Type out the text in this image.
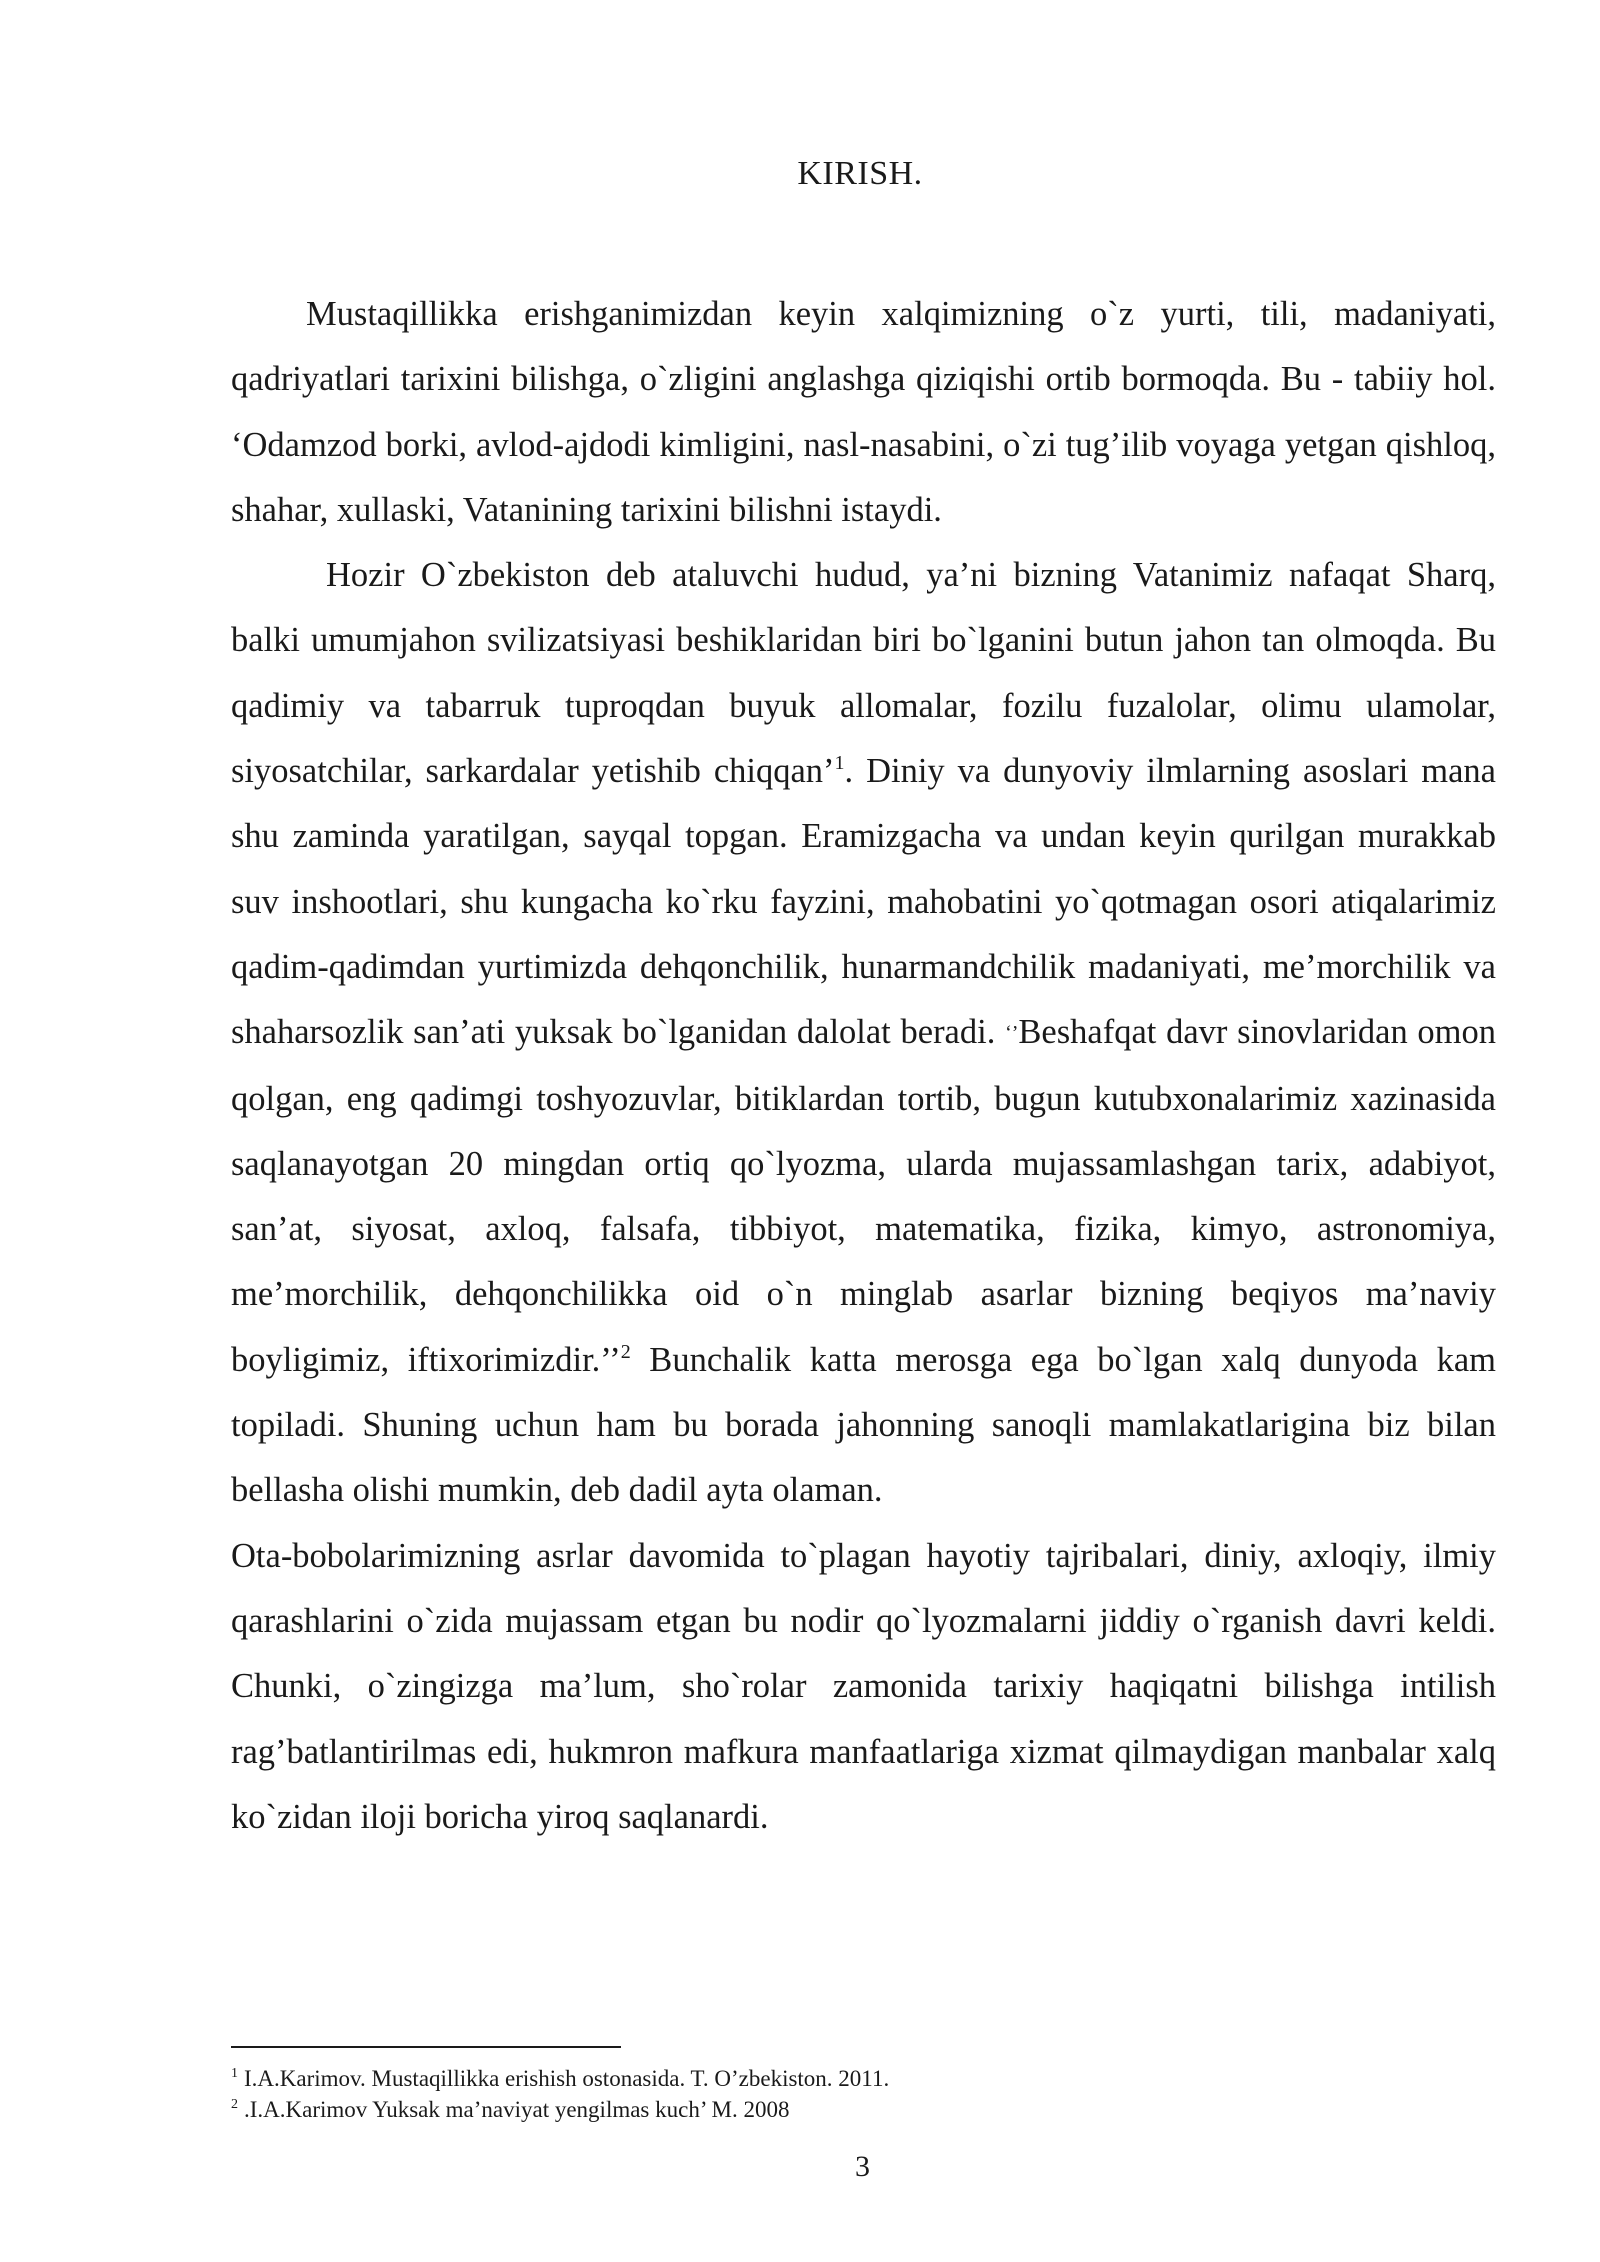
KIRISH.

Mustaqillikka erishganimizdan keyin xalqimizning o`z yurti, tili, madaniyati, qadriyatlari tarixini bilishga, o`zligini anglashga qiziqishi ortib bormoqda. Bu - tabiiy hol. ‘Odamzod borki, avlod-ajdodi kimligini, nasl-nasabini, o`zi tug’ilib voyaga yetgan qishloq, shahar, xullaski, Vatanining tarixini bilishni istaydi.

Hozir O`zbekiston deb ataluvchi hudud, ya’ni bizning Vatanimiz nafaqat Sharq, balki umumjahon svilizatsiyasi beshiklaridan biri bo`lganini butun jahon tan olmoqda. Bu qadimiy va tabarruk tuproqdan buyuk allomalar, fozilu fuzalolar, olimu ulamolar, siyosatchilar, sarkardalar yetishib chiqqan’$^1$. Diniy va dunyoviy ilmlarning asoslari mana shu zaminda yaratilgan, sayqal topgan. Eramizgacha va undan keyin qurilgan murakkab suv inshootlari, shu kungacha ko`rku fayzini, mahobatini yo`qotmagan osori atiqalarimiz qadim-qadimdan yurtimizda dehqonchilik, hunarmandchilik madaniyati, me’morchilik va shaharsozlik san’ati yuksak bo`lganidan dalolat beradi. ‘’Beshafqat davr sinovlaridan omon qolgan, eng qadimgi toshyozuvlar, bitiklardan tortib, bugun kutubxonalarimiz xazinasida saqlanayotgan 20 mingdan ortiq qo`lyozma, ularda mujassamlashgan tarix, adabiyot, san’at, siyosat, axloq, falsafa, tibbiyot, matematika, fizika, kimyo, astronomiya, me’morchilik, dehqonchilikka oid o`n minglab asarlar bizning beqiyos ma’naviy boyligimiz, iftixorimizdir.’’$^2$ Bunchalik katta merosga ega bo`lgan xalq dunyoda kam topiladi. Shuning uchun ham bu borada jahonning sanoqli mamlakatlarigina biz bilan bellasha olishi mumkin, deb dadil ayta olaman.

Ota-bobolarimizning asrlar davomida to`plagan hayotiy tajribalari, diniy, axloqiy, ilmiy qarashlarini o`zida mujassam etgan bu nodir qo`lyozmalarni jiddiy o`rganish davri keldi. Chunki, o`zingizga ma’lum, sho`rolar zamonida tarixiy haqiqatni bilishga intilish rag’batlantirilmas edi, hukmron mafkura manfaatlariga xizmat qilmaydigan manbalar xalq ko`zidan iloji boricha yiroq saqlanardi.

$^1$ I.A.Karimov. Mustaqillikka erishish ostonasida. T. O’zbekiston. 2011.
$^2$ .I.A.Karimov Yuksak ma’naviyat yengilmas kuch’ M. 2008
3
